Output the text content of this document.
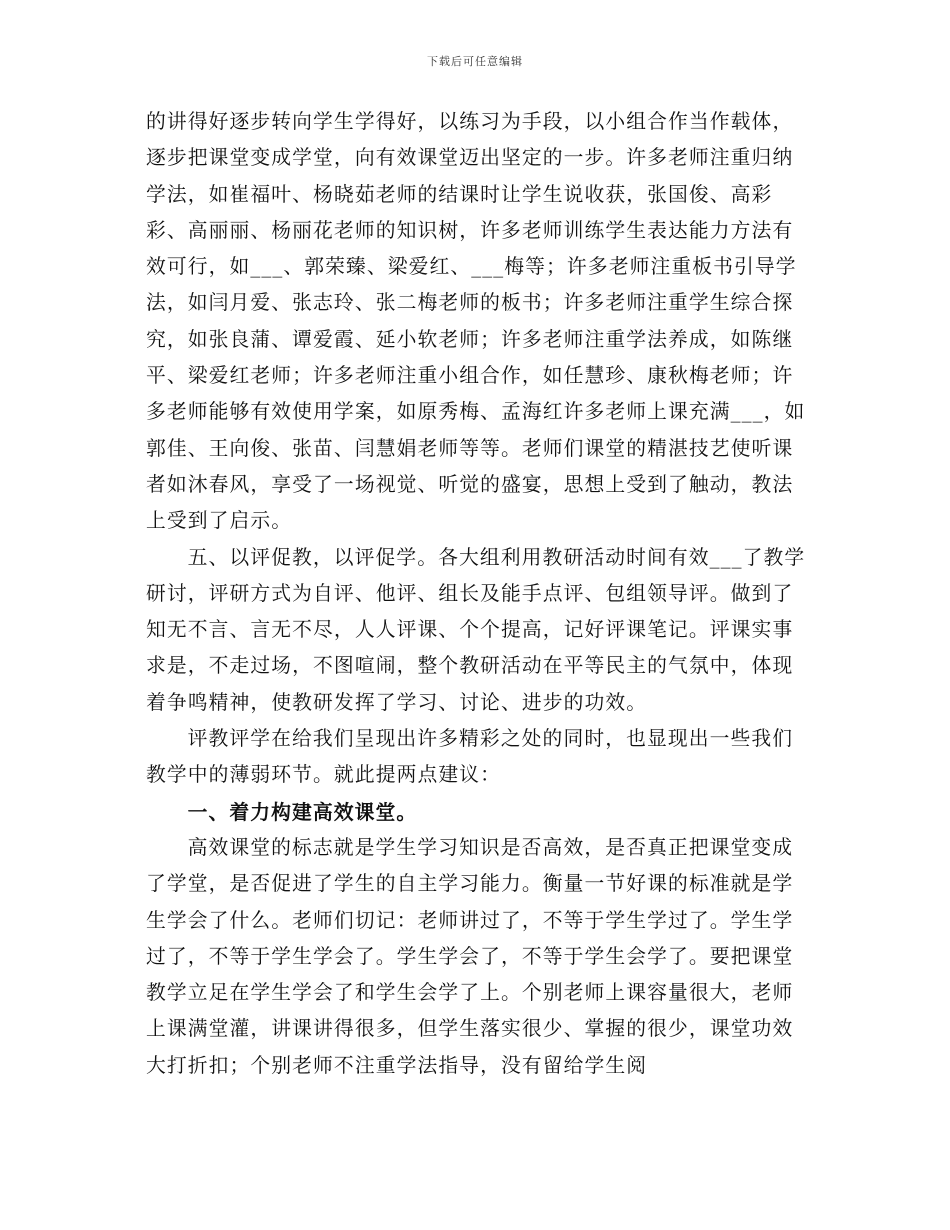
下载后可任意编辑

的讲得好逐步转向学生学得好，以练习为手段，以小组合作当作载体，逐步把课堂变成学堂，向有效课堂迈出坚定的一步。许多老师注重归纳学法，如崔福叶、杨晓茹老师的结课时让学生说收获，张国俊、高彩彩、高丽丽、杨丽花老师的知识树，许多老师训练学生表达能力方法有效可行，如___、郭荣臻、梁爱红、___梅等；许多老师注重板书引导学法，如闫月爱、张志玲、张二梅老师的板书；许多老师注重学生综合探究，如张良蒲、谭爱霞、延小软老师；许多老师注重学法养成，如陈继平、梁爱红老师；许多老师注重小组合作，如任慧珍、康秋梅老师；许多老师能够有效使用学案，如原秀梅、孟海红许多老师上课充满___，如郭佳、王向俊、张苗、闫慧娟老师等等。老师们课堂的精湛技艺使听课者如沐春风，享受了一场视觉、听觉的盛宴，思想上受到了触动，教法上受到了启示。

五、以评促教，以评促学。各大组利用教研活动时间有效___了教学研讨，评研方式为自评、他评、组长及能手点评、包组领导评。做到了知无不言、言无不尽，人人评课、个个提高，记好评课笔记。评课实事求是，不走过场，不图喧闹，整个教研活动在平等民主的气氛中，体现着争鸣精神，使教研发挥了学习、讨论、进步的功效。

评教评学在给我们呈现出许多精彩之处的同时，也显现出一些我们教学中的薄弱环节。就此提两点建议：

一、着力构建高效课堂。

高效课堂的标志就是学生学习知识是否高效，是否真正把课堂变成了学堂，是否促进了学生的自主学习能力。衡量一节好课的标准就是学生学会了什么。老师们切记：老师讲过了，不等于学生学过了。学生学过了，不等于学生学会了。学生学会了，不等于学生会学了。要把课堂教学立足在学生学会了和学生会学了上。个别老师上课容量很大，老师上课满堂灌，讲课讲得很多，但学生落实很少、掌握的很少，课堂功效大打折扣；个别老师不注重学法指导，没有留给学生阅
